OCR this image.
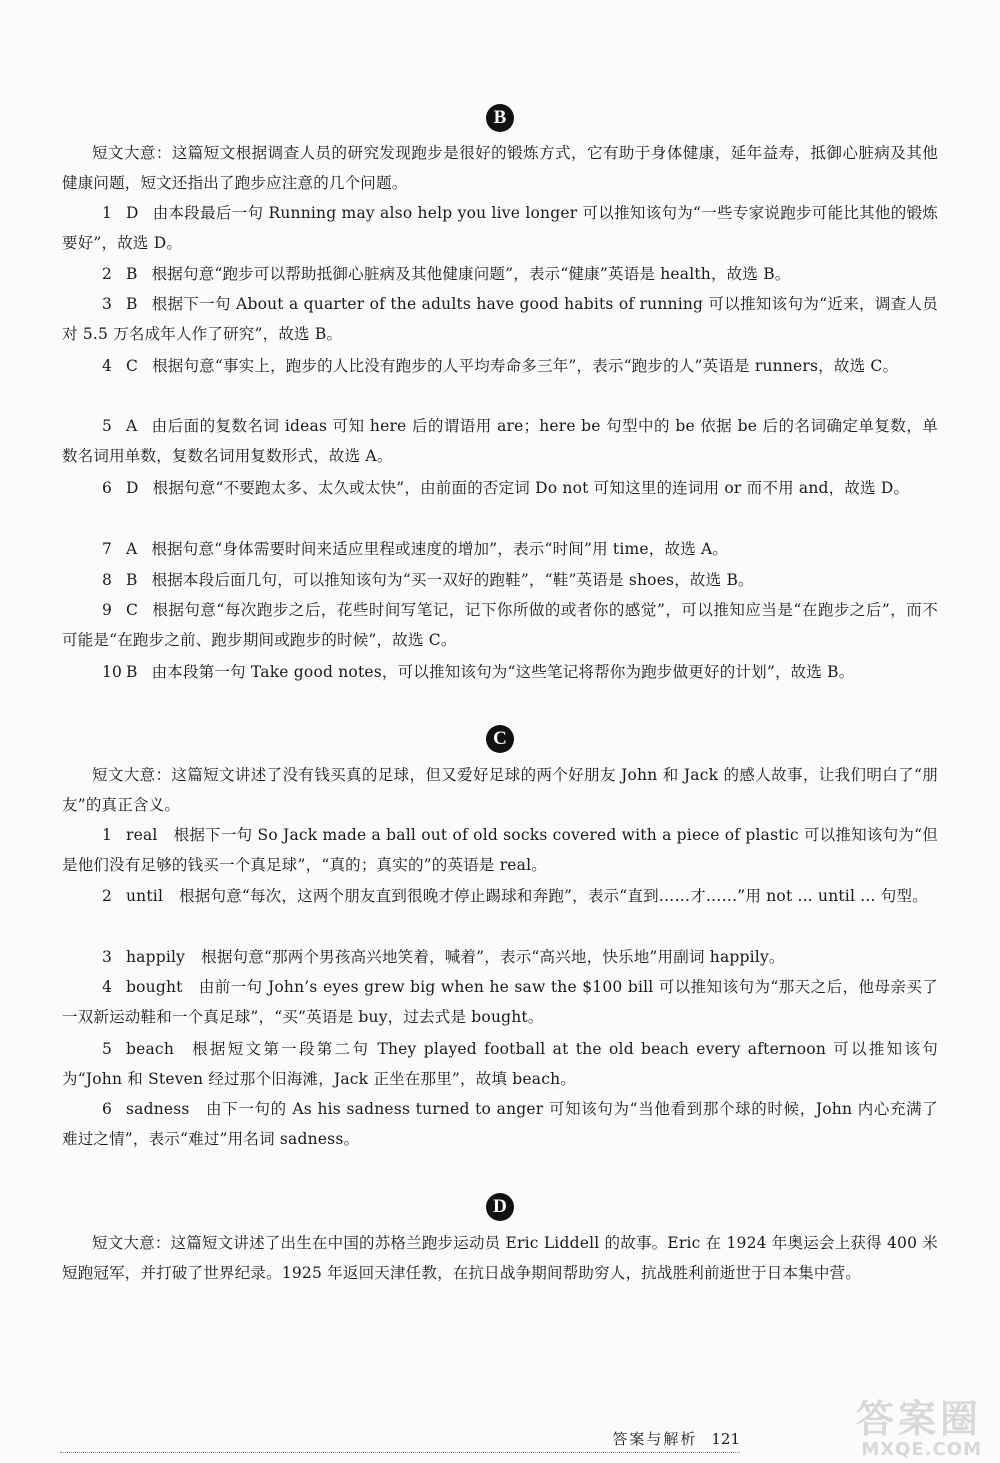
B
短文大意：这篇短文根据调查人员的研究发现跑步是很好的锻炼方式，它有助于身体健康，延年益寿，抵御心脏病及其他健康问题，短文还指出了跑步应注意的几个问题。
1 D 由本段最后一句 Running may also help you live longer 可以推知该句为“一些专家说跑步可能比其他的锻炼要好”，故选 D。
2 B 根据句意“跑步可以帮助抵御心脏病及其他健康问题”，表示“健康”英语是 health，故选 B。
3 B 根据下一句 About a quarter of the adults have good habits of running 可以推知该句为“近来，调查人员对 5.5 万名成年人作了研究”，故选 B。
4 C 根据句意“事实上，跑步的人比没有跑步的人平均寿命多三年”，表示“跑步的人”英语是 runners，故选 C。
5 A 由后面的复数名词 ideas 可知 here 后的谓语用 are；here be 句型中的 be 依据 be 后的名词确定单复数，单数名词用单数，复数名词用复数形式，故选 A。
6 D 根据句意“不要跑太多、太久或太快”，由前面的否定词 Do not 可知这里的连词用 or 而不用 and，故选 D。
7 A 根据句意“身体需要时间来适应里程或速度的增加”，表示“时间”用 time，故选 A。
8 B 根据本段后面几句，可以推知该句为“买一双好的跑鞋”，“鞋”英语是 shoes，故选 B。
9 C 根据句意“每次跑步之后，花些时间写笔记，记下你所做的或者你的感觉”，可以推知应当是“在跑步之后”，而不可能是“在跑步之前、跑步期间或跑步的时候”，故选 C。
10 B 由本段第一句 Take good notes，可以推知该句为“这些笔记将帮你为跑步做更好的计划”，故选 B。
C
短文大意：这篇短文讲述了没有钱买真的足球，但又爱好足球的两个好朋友 John 和 Jack 的感人故事，让我们明白了“朋友”的真正含义。
1 real 根据下一句 So Jack made a ball out of old socks covered with a piece of plastic 可以推知该句为“但是他们没有足够的钱买一个真足球”，“真的；真实的”的英语是 real。
2 until 根据句意“每次，这两个朋友直到很晚才停止踢球和奔跑”，表示“直到……才……”用 not ... until ... 句型。
3 happily 根据句意“那两个男孩高兴地笑着，喊着”，表示“高兴地，快乐地”用副词 happily。
4 bought 由前一句 John’s eyes grew big when he saw the $100 bill 可以推知该句为“那天之后，他母亲买了一双新运动鞋和一个真足球”，“买”英语是 buy，过去式是 bought。
5 beach 根据短文第一段第二句 They played football at the old beach every afternoon 可以推知该句为“John 和 Steven 经过那个旧海滩，Jack 正坐在那里”，故填 beach。
6 sadness 由下一句的 As his sadness turned to anger 可知该句为“当他看到那个球的时候，John 内心充满了难过之情”，表示“难过”用名词 sadness。
D
短文大意：这篇短文讲述了出生在中国的苏格兰跑步运动员 Eric Liddell 的故事。Eric 在 1924 年奥运会上获得 400 米短跑冠军，并打破了世界纪录。1925 年返回天津任教，在抗日战争期间帮助穷人，抗战胜利前逝世于日本集中营。
答案与解析 121	答案圈
MXQE.COM
